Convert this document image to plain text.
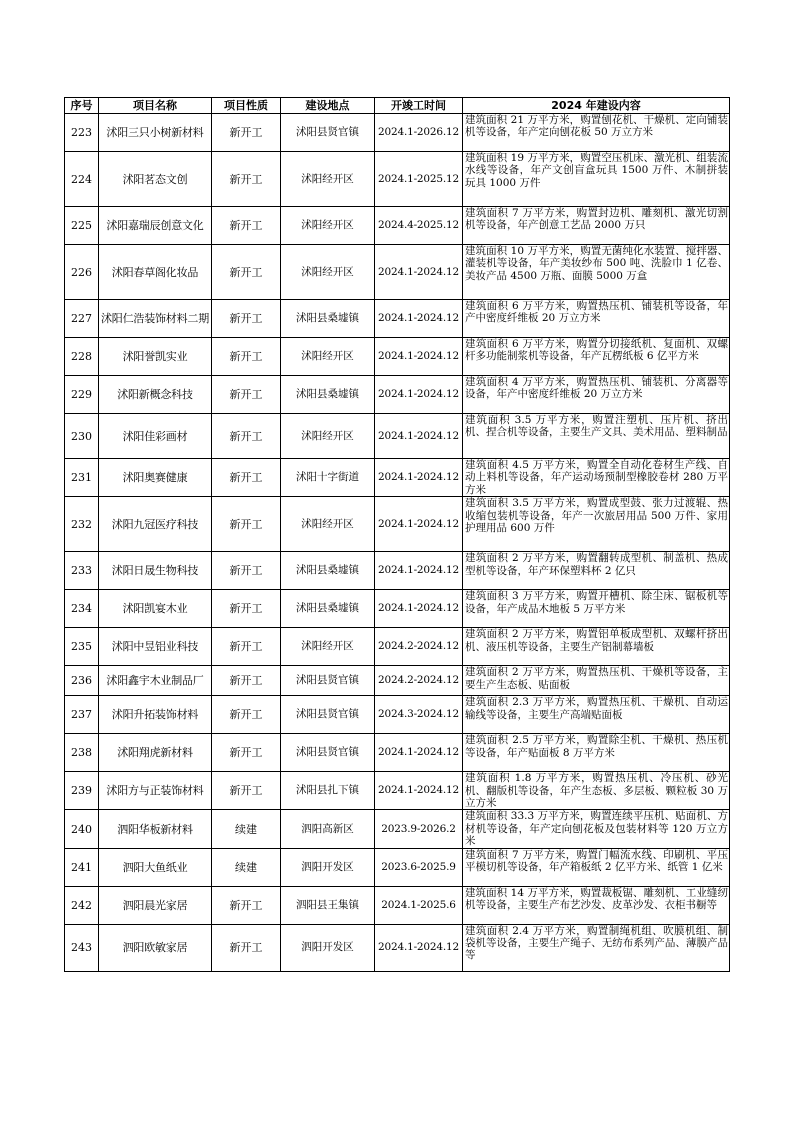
序号	项目名称	项目性质	建设地点	开竣工时间	2024 年建设内容
223	沭阳三只小树新材料	新开工	沭阳县贤官镇	2024.1-2026.12	建筑面积 21 万平方米，购置刨花机、干燥机、定向铺装机等设备，年产定向刨花板 50 万立方米
224	沭阳茗态文创	新开工	沭阳经开区	2024.1-2025.12	建筑面积 19 万平方米，购置空压机床、激光机、组装流水线等设备，年产文创盲盒玩具 1500 万件、木制拼装玩具 1000 万件
225	沭阳嘉瑞辰创意文化	新开工	沭阳经开区	2024.4-2025.12	建筑面积 7 万平方米，购置封边机、雕刻机、激光切割机等设备，年产创意工艺品 2000 万只
226	沭阳春草阁化妆品	新开工	沭阳经开区	2024.1-2024.12	建筑面积 10 万平方米，购置无菌纯化水装置、搅拌器、灌装机等设备，年产美妆纱布 500 吨、洗脸巾 1 亿卷、美妆产品 4500 万瓶、面膜 5000 万盒
227	沭阳仁浩装饰材料二期	新开工	沭阳县桑墟镇	2024.1-2024.12	建筑面积 6 万平方米，购置热压机、铺装机等设备，年产中密度纤维板 20 万立方米
228	沭阳誉凯实业	新开工	沭阳经开区	2024.1-2024.12	建筑面积 6 万平方米，购置分切接纸机、复面机、双螺杆多功能制浆机等设备，年产瓦楞纸板 6 亿平方米
229	沭阳新概念科技	新开工	沭阳县桑墟镇	2024.1-2024.12	建筑面积 4 万平方米，购置热压机、铺装机、分离器等设备，年产中密度纤维板 20 万立方米
230	沭阳佳彩画材	新开工	沭阳经开区	2024.1-2024.12	建筑面积 3.5 万平方米，购置注塑机、压片机、挤出机、捏合机等设备，主要生产文具、美术用品、塑料制品
231	沭阳奥赛健康	新开工	沭阳十字街道	2024.1-2024.12	建筑面积 4.5 万平方米，购置全自动化卷材生产线、自动上料机等设备，年产运动场预制型橡胶卷材 280 万平方米
232	沭阳九冠医疗科技	新开工	沭阳经开区	2024.1-2024.12	建筑面积 3.5 万平方米，购置成型鼓、张力过渡辊、热收缩包装机等设备，年产一次旅居用品 500 万件、家用护理用品 600 万件
233	沭阳日晟生物科技	新开工	沭阳县桑墟镇	2024.1-2024.12	建筑面积 2 万平方米，购置翻转成型机、制盖机、热成型机等设备，年产环保塑料杯 2 亿只
234	沭阳凯宴木业	新开工	沭阳县桑墟镇	2024.1-2024.12	建筑面积 3 万平方米，购置开槽机、除尘床、锯板机等设备，年产成品木地板 5 万平方米
235	沭阳中昱铝业科技	新开工	沭阳经开区	2024.2-2024.12	建筑面积 2 万平方米，购置铝单板成型机、双螺杆挤出机、液压机等设备，主要生产铝制幕墙板
236	沭阳鑫宇木业制品厂	新开工	沭阳县贤官镇	2024.2-2024.12	建筑面积 2 万平方米，购置热压机、干燥机等设备，主要生产生态板、贴面板
237	沭阳升拓装饰材料	新开工	沭阳县贤官镇	2024.3-2024.12	建筑面积 2.3 万平方米，购置热压机、干燥机、自动运输线等设备，主要生产高端贴面板
238	沭阳翔虎新材料	新开工	沭阳县贤官镇	2024.1-2024.12	建筑面积 2.5 万平方米，购置除尘机、干燥机、热压机等设备，年产贴面板 8 万平方米
239	沭阳方与正装饰材料	新开工	沭阳县扎下镇	2024.1-2024.12	建筑面积 1.8 万平方米，购置热压机、冷压机、砂光机、翻版机等设备，年产生态板、多层板、颗粒板 30 万立方米
240	泗阳华板新材料	续建	泗阳高新区	2023.9-2026.2	建筑面积 33.3 万平方米，购置连续平压机、贴面机、方材机等设备，年产定向刨花板及包装材料等 120 万立方米
241	泗阳大鱼纸业	续建	泗阳开发区	2023.6-2025.9	建筑面积 7 万平方米，购置门幅流水线、印刷机、平压平模切机等设备，年产箱板纸 2 亿平方米、纸管 1 亿米
242	泗阳晨光家居	新开工	泗阳县王集镇	2024.1-2025.6	建筑面积 14 万平方米，购置裁板锯、雕刻机、工业缝纫机等设备，主要生产布艺沙发、皮革沙发、衣柜书橱等
243	泗阳欧敏家居	新开工	泗阳开发区	2024.1-2024.12	建筑面积 2.4 万平方米，购置制绳机组、吹膜机组、制袋机等设备，主要生产绳子、无纺布系列产品、薄膜产品等
